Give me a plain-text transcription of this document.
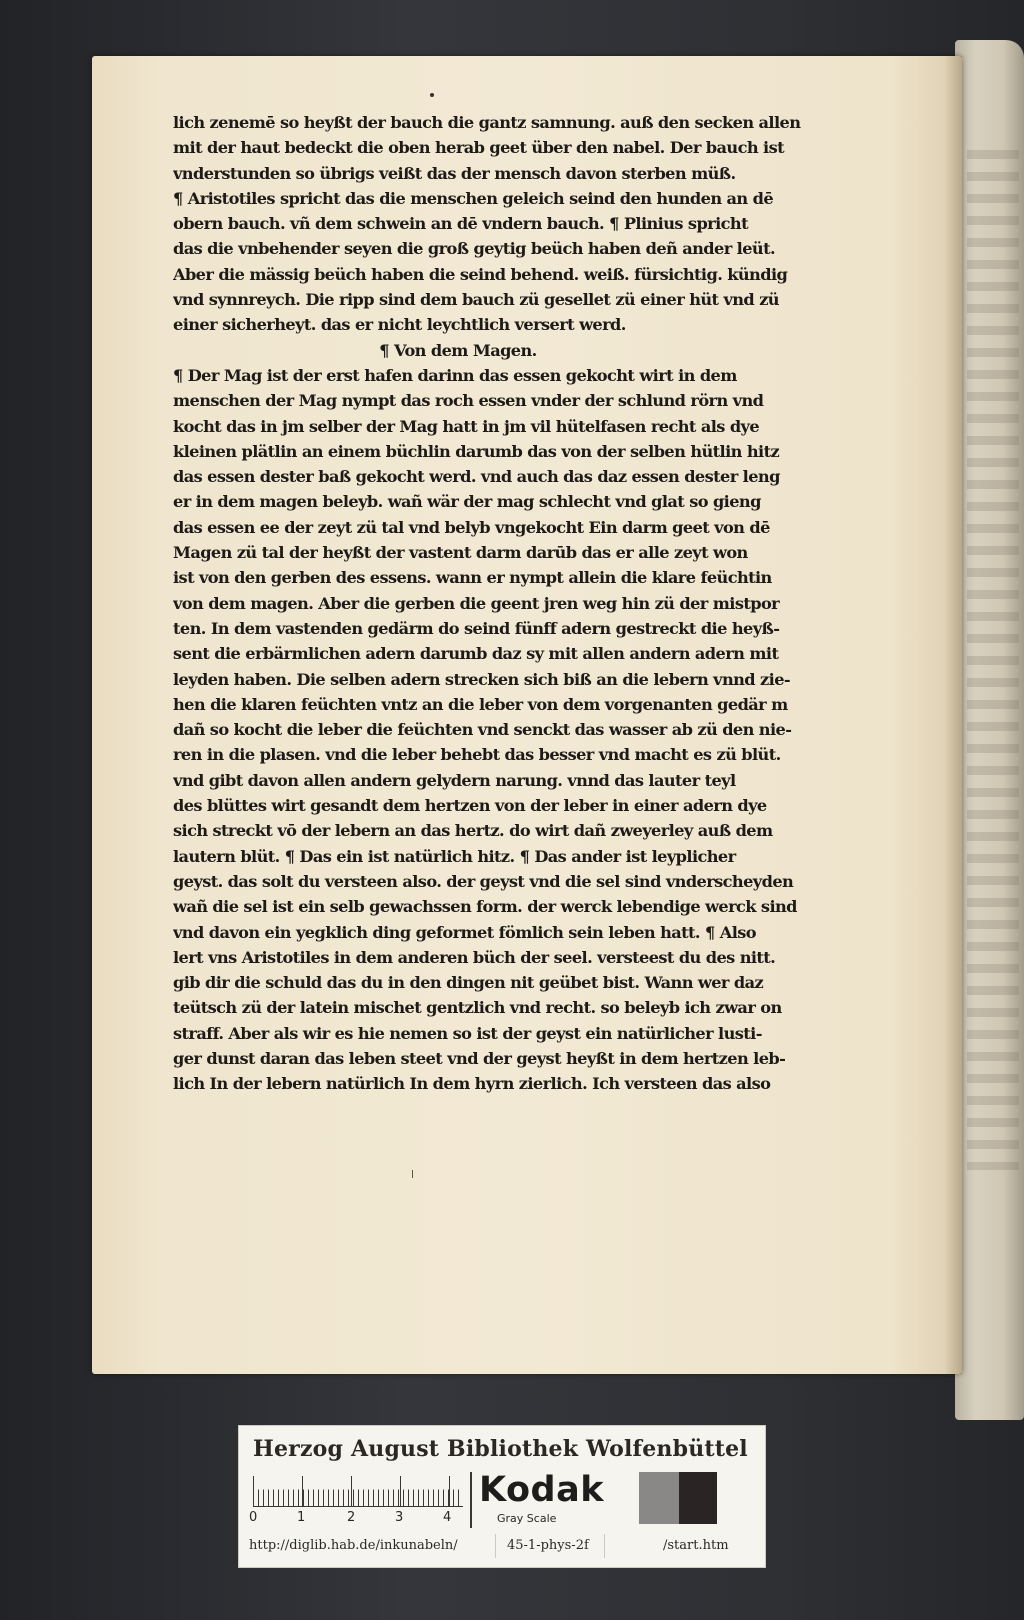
lich zenemē so heyßt der bauch die gantz samnung. auß den secken allen
mit der haut bedeckt die oben herab geet über den nabel. Der bauch ist
vnderstunden so übrigs veißt das der mensch davon sterben müß.
¶ Aristotiles spricht das die menschen geleich seind den hunden an dē
obern bauch. vñ dem schwein an dē vndern bauch. ¶ Plinius spricht
das die vnbehender seyen die groß geytig beüch haben deñ ander leüt.
Aber die mässig beüch haben die seind behend. weiß. fürsichtig. kündig
vnd synnreych. Die ripp sind dem bauch zü gesellet zü einer hüt vnd zü
einer sicherheyt. das er nicht leychtlich versert werd.
¶ Von dem Magen.
¶ Der Mag ist der erst hafen darinn das essen gekocht wirt in dem
menschen der Mag nympt das roch essen vnder der schlund rörn vnd
kocht das in jm selber der Mag hatt in jm vil hütelfasen recht als dye
kleinen plätlin an einem büchlin darumb das von der selben hütlin hitz
das essen dester baß gekocht werd. vnd auch das daz essen dester leng
er in dem magen beleyb. wañ wär der mag schlecht vnd glat so gieng
das essen ee der zeyt zü tal vnd belyb vngekocht Ein darm geet von dē
Magen zü tal der heyßt der vastent darm darūb das er alle zeyt won
ist von den gerben des essens. wann er nympt allein die klare feüchtin
von dem magen. Aber die gerben die geent jren weg hin zü der mistpor
ten. In dem vastenden gedärm do seind fünff adern gestreckt die heyß-
sent die erbärmlichen adern darumb daz sy mit allen andern adern mit
leyden haben. Die selben adern strecken sich biß an die lebern vnnd zie-
hen die klaren feüchten vntz an die leber von dem vorgenanten gedär m
dañ so kocht die leber die feüchten vnd senckt das wasser ab zü den nie-
ren in die plasen. vnd die leber behebt das besser vnd macht es zü blüt.
vnd gibt davon allen andern gelydern narung. vnnd das lauter teyl
des blüttes wirt gesandt dem hertzen von der leber in einer adern dye
sich streckt vō der lebern an das hertz. do wirt dañ zweyerley auß dem
lautern blüt. ¶ Das ein ist natürlich hitz. ¶ Das ander ist leyplicher
geyst. das solt du versteen also. der geyst vnd die sel sind vnderscheyden
wañ die sel ist ein selb gewachssen form. der werck lebendige werck sind
vnd davon ein yegklich ding geformet fömlich sein leben hatt. ¶ Also
lert vns Aristotiles in dem anderen büch der seel. versteest du des nitt.
gib dir die schuld das du in den dingen nit geübet bist. Wann wer daz
teütsch zü der latein mischet gentzlich vnd recht. so beleyb ich zwar on
straff. Aber als wir es hie nemen so ist der geyst ein natürlicher lusti-
ger dunst daran das leben steet vnd der geyst heyßt in dem hertzen leb-
lich In der lebern natürlich In dem hyrn zierlich. Ich versteen das also
Herzog August Bibliothek Wolfenbüttel
0	1	2	3	4
Kodak
Gray Scale
http://diglib.hab.de/inkunabeln/	45-1-phys-2f	/start.htm
